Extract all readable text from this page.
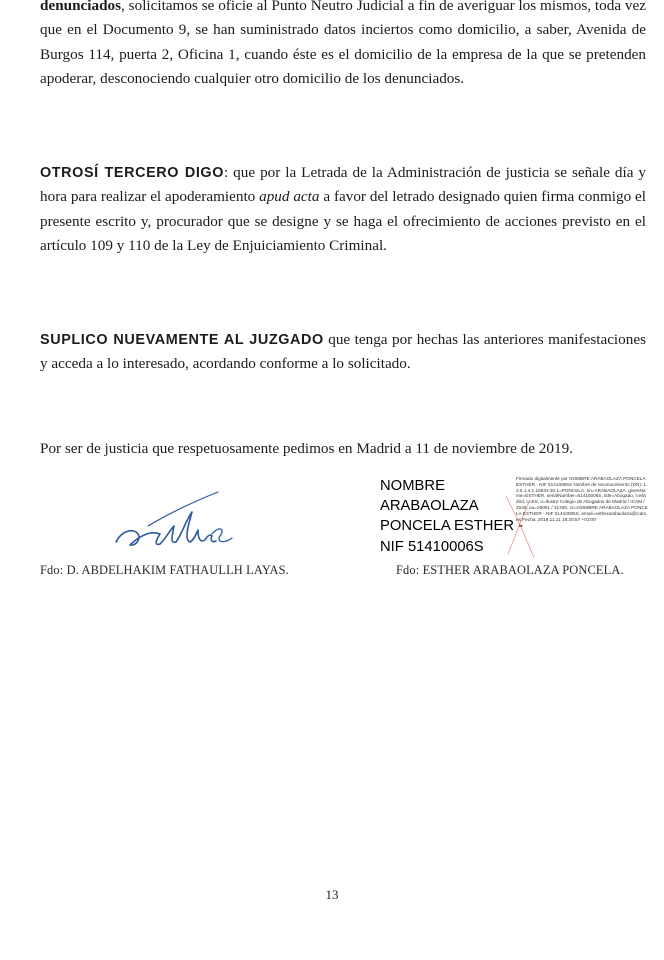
denunciados, solicitamos se oficie al Punto Neutro Judicial a fin de averiguar los mismos, toda vez que en el Documento 9, se han suministrado datos inciertos como domicilio, a saber, Avenida de Burgos 114, puerta 2, Oficina 1, cuando éste es el domicilio de la empresa de la que se pretenden apoderar, desconociendo cualquier otro domicilio de los denunciados.

OTROSÍ TERCERO DIGO: que por la Letrada de la Administración de justicia se señale día y hora para realizar el apoderamiento apud acta a favor del letrado designado quien firma conmigo el presente escrito y, procurador que se designe y se haga el ofrecimiento de acciones previsto en el artículo 109 y 110 de la Ley de Enjuiciamiento Criminal.

SUPLICO NUEVAMENTE AL JUZGADO que tenga por hechas las anteriores manifestaciones y acceda a lo interesado, acordando conforme a lo solicitado.

Por ser de justicia que respetuosamente pedimos en Madrid a 11 de noviembre de 2019.

NOMBRE
ARABAOLAZA
PONCELA ESTHER -
NIF 51410006S
Firmado digitalmente por NOMBRE ARABAOLAZA PONCELA ESTHER - NIF 51410006S Nombre de reconocimiento (DN): 1.3.6.1.4.1.16533.30.1=PONCELA, sn=ARABAOLAZA, givenName=ESTHER, serialNumber=51410006S, title=Abogado, l=Madrid, c=ES, o=Ilustre Colegio de Abogados de Madrid / ICAM / 2045, ou=28001 / 31330, cn=NOMBRE ARABAOLAZA PONCELA ESTHER - NIF 51410006S, email=estherarabaolaza@icam.es Fecha: 2019.11.11 19:20:57 +01'00'
Fdo: D. ABDELHAKIM FATHAULLH LAYAS.	Fdo: ESTHER ARABAOLAZA PONCELA.
13
